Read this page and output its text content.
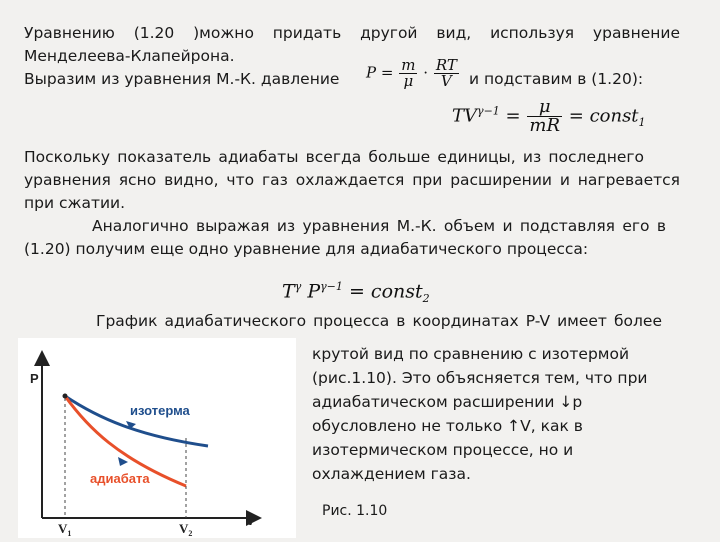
Уравнению (1.20 )можно придать другой вид, используя уравнение
Менделеева-Клапейрона.
Выразим из уравнения М.-К. давление	и подставим в (1.20):
$P = \frac{m}{\mu} \cdot \frac{RT}{V}$
$TV^{\gamma-1} = \frac{\mu}{mR}$ = const$_1$
Поскольку показатель адиабаты всегда больше единицы, из последнего
уравнения ясно видно, что газ охлаждается при расширении и нагревается
при сжатии.
Аналогично выражая из уравнения М.-К. объем и подставляя его в
(1.20) получим еще одно уравнение для адиабатического процесса:
$T^\gamma$ $P^{\gamma-1}$ = const$_2$
График адиабатического процесса в координатах P-V имеет более
P
V
изотерма
адиабата
$V_1$	$V_2$
крутой вид по сравнению с изотермой
(рис.1.10). Это объясняется тем, что при
адиабатическом расширении ↓р
обусловлено не только ↑V, как в
изотермическом процессе, но и
охлаждением газа.
Рис. 1.10
